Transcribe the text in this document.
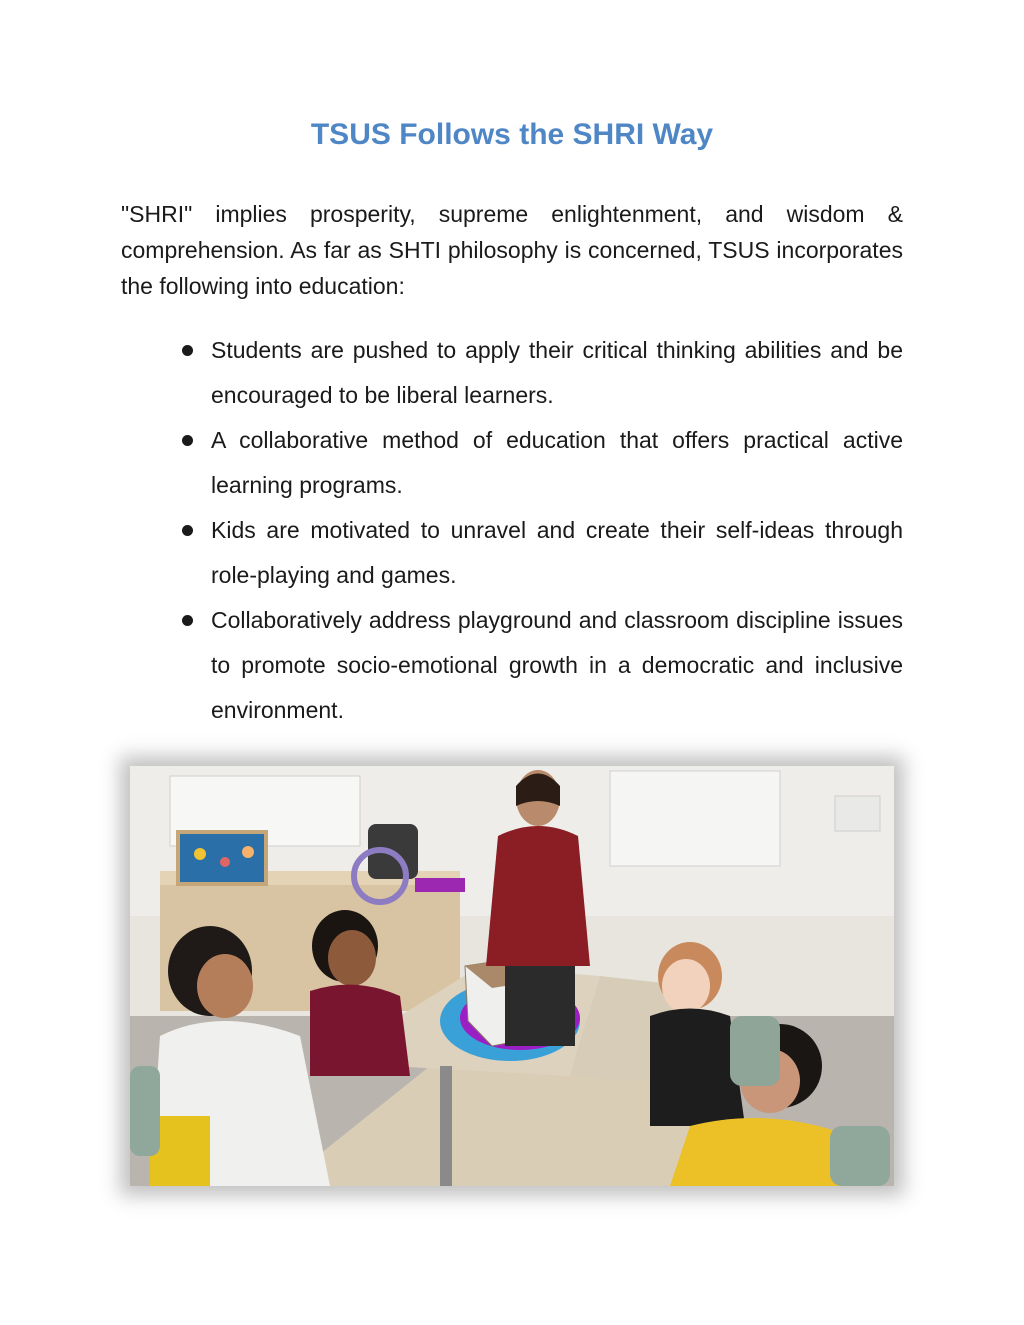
TSUS Follows the SHRI Way

"SHRI" implies prosperity, supreme enlightenment, and wisdom & comprehension. As far as SHTI philosophy is concerned, TSUS incorporates the following into education:

Students are pushed to apply their critical thinking abilities and be encouraged to be liberal learners.
A collaborative method of education that offers practical active learning programs.
Kids are motivated to unravel and create their self-ideas through role-playing and games.
Collaboratively address playground and classroom discipline issues to promote socio-emotional growth in a democratic and inclusive environment.
